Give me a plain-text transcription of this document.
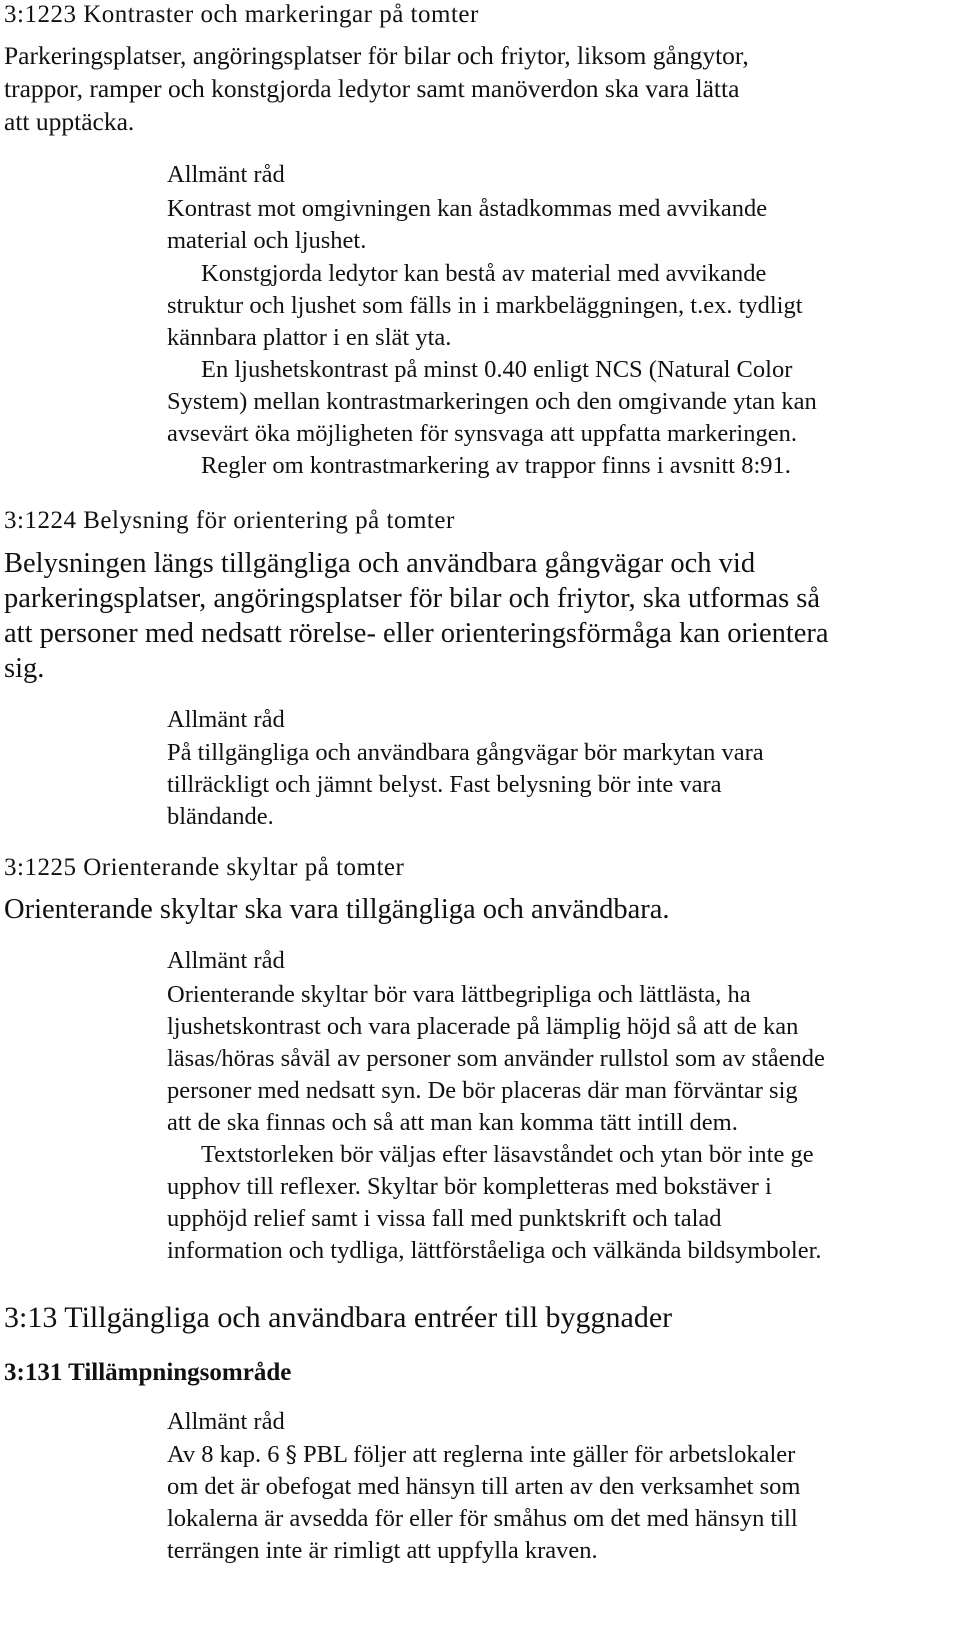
3:1223 Kontraster och markeringar på tomter
Parkeringsplatser, angöringsplatser för bilar och friytor, liksom gångytor,
trappor, ramper och konstgjorda ledytor samt manöverdon ska vara lätta
att upptäcka.
Allmänt råd
Kontrast mot omgivningen kan åstadkommas med avvikande
material och ljushet.
Konstgjorda ledytor kan bestå av material med avvikande
struktur och ljushet som fälls in i markbeläggningen, t.ex. tydligt
kännbara plattor i en slät yta.
En ljushetskontrast på minst 0.40 enligt NCS (Natural Color
System) mellan kontrastmarkeringen och den omgivande ytan kan
avsevärt öka möjligheten för synsvaga att uppfatta markeringen.
Regler om kontrastmarkering av trappor finns i avsnitt 8:91.
3:1224 Belysning för orientering på tomter
Belysningen längs tillgängliga och användbara gångvägar och vid
parkeringsplatser, angöringsplatser för bilar och friytor, ska utformas så
att personer med nedsatt rörelse- eller orienteringsförmåga kan orientera
sig.
Allmänt råd
På tillgängliga och användbara gångvägar bör markytan vara
tillräckligt och jämnt belyst. Fast belysning bör inte vara
bländande.
3:1225 Orienterande skyltar på tomter
Orienterande skyltar ska vara tillgängliga och användbara.
Allmänt råd
Orienterande skyltar bör vara lättbegripliga och lättlästa, ha
ljushetskontrast och vara placerade på lämplig höjd så att de kan
läsas/höras såväl av personer som använder rullstol som av stående
personer med nedsatt syn. De bör placeras där man förväntar sig
att de ska finnas och så att man kan komma tätt intill dem.
Textstorleken bör väljas efter läsavståndet och ytan bör inte ge
upphov till reflexer. Skyltar bör kompletteras med bokstäver i
upphöjd relief samt i vissa fall med punktskrift och talad
information och tydliga, lättförståeliga och välkända bildsymboler.
3:13 Tillgängliga och användbara entréer till byggnader
3:131 Tillämpningsområde
Allmänt råd
Av 8 kap. 6 § PBL följer att reglerna inte gäller för arbetslokaler
om det är obefogat med hänsyn till arten av den verksamhet som
lokalerna är avsedda för eller för småhus om det med hänsyn till
terrängen inte är rimligt att uppfylla kraven.
